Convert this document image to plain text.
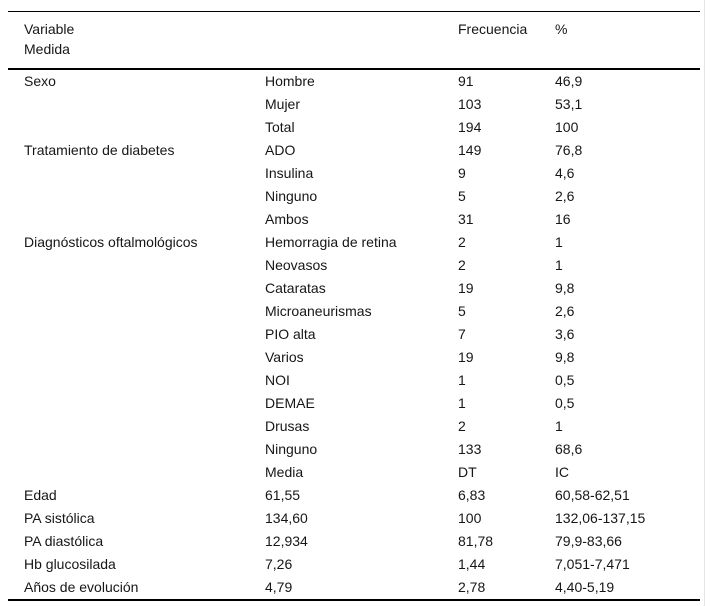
Variable
Medida		Frecuencia	%
Sexo	Hombre	91	46,9
	Mujer	103	53,1
	Total	194	100
Tratamiento de diabetes	ADO	149	76,8
	Insulina	9	4,6
	Ninguno	5	2,6
	Ambos	31	16
Diagnósticos oftalmológicos	Hemorragia de retina	2	1
	Neovasos	2	1
	Cataratas	19	9,8
	Microaneurismas	5	2,6
	PIO alta	7	3,6
	Varios	19	9,8
	NOI	1	0,5
	DEMAE	1	0,5
	Drusas	2	1
	Ninguno	133	68,6
	Media	DT	IC
Edad	61,55	6,83	60,58-62,51
PA sistólica	134,60	100	132,06-137,15
PA diastólica	12,934	81,78	79,9-83,66
Hb glucosilada	7,26	1,44	7,051-7,471
Años de evolución	4,79	2,78	4,40-5,19
